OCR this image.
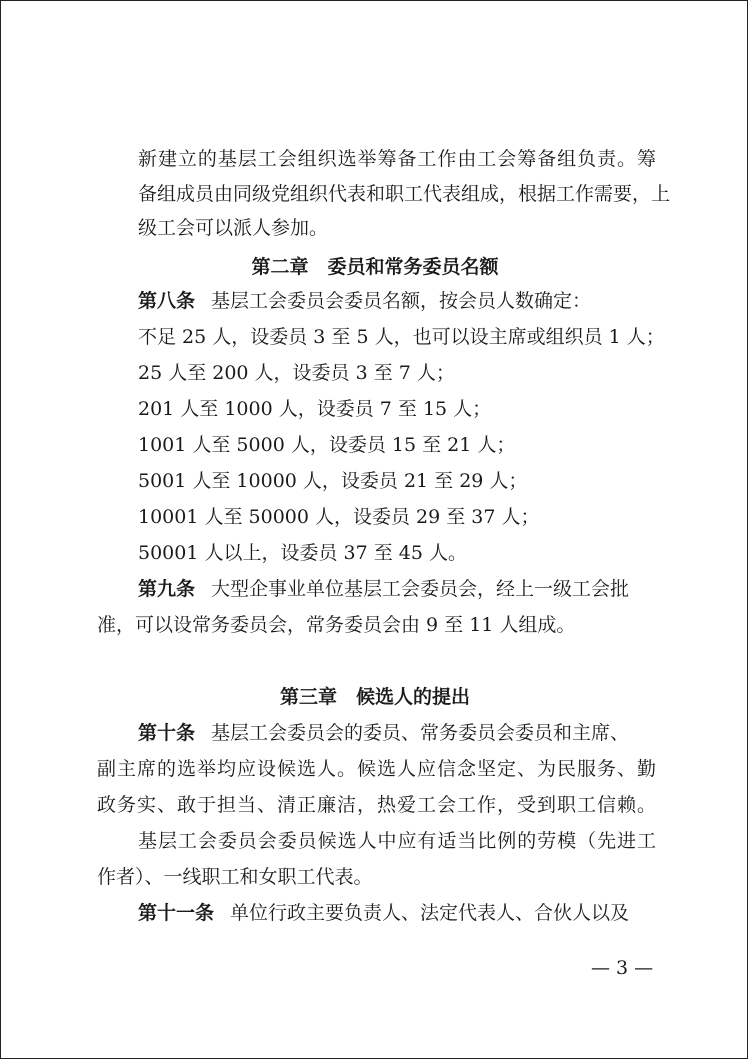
新建立的基层工会组织选举筹备工作由工会筹备组负责。筹
备组成员由同级党组织代表和职工代表组成，根据工作需要，上
级工会可以派人参加。
第二章　委员和常务委员名额
第八条 基层工会委员会委员名额，按会员人数确定：
不足 25 人，设委员 3 至 5 人，也可以设主席或组织员 1 人；
25 人至 200 人，设委员 3 至 7 人；
201 人至 1000 人，设委员 7 至 15 人；
1001 人至 5000 人，设委员 15 至 21 人；
5001 人至 10000 人，设委员 21 至 29 人；
10001 人至 50000 人，设委员 29 至 37 人；
50001 人以上，设委员 37 至 45 人。
第九条 大型企事业单位基层工会委员会，经上一级工会批
准，可以设常务委员会，常务委员会由 9 至 11 人组成。
第三章　候选人的提出
第十条 基层工会委员会的委员、常务委员会委员和主席、
副主席的选举均应设候选人。候选人应信念坚定、为民服务、勤
政务实、敢于担当、清正廉洁，热爱工会工作，受到职工信赖。
基层工会委员会委员候选人中应有适当比例的劳模（先进工
作者）、一线职工和女职工代表。
第十一条 单位行政主要负责人、法定代表人、合伙人以及
— 3 —
